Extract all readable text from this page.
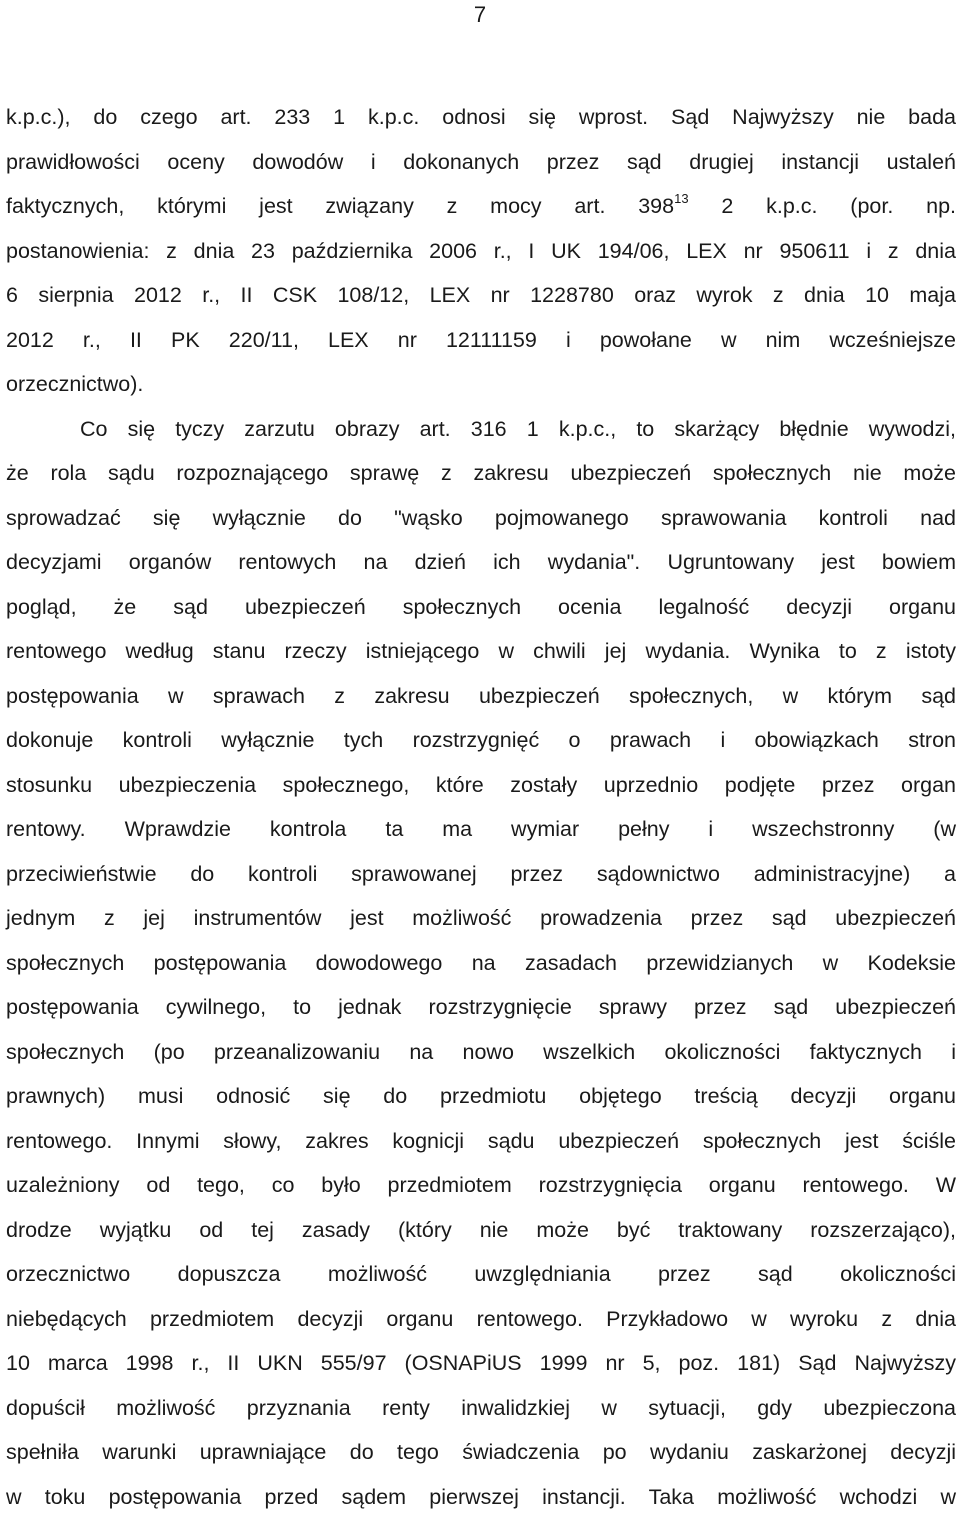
7
k.p.c.), do czego art. 233 1 k.p.c. odnosi się wprost. Sąd Najwyższy nie bada
prawidłowości oceny dowodów i dokonanych przez sąd drugiej instancji ustaleń
faktycznych, którymi jest związany z mocy art. $398^{13}$ 2 k.p.c. (por. np.
postanowienia: z dnia 23 października 2006 r., I UK 194/06, LEX nr 950611 i z dnia
6 sierpnia 2012 r., II CSK 108/12, LEX nr 1228780 oraz wyrok z dnia 10 maja
2012 r., II PK 220/11, LEX nr 12111159 i powołane w nim wcześniejsze
orzecznictwo).
Co się tyczy zarzutu obrazy art. 316 1 k.p.c., to skarżący błędnie wywodzi,
że rola sądu rozpoznającego sprawę z zakresu ubezpieczeń społecznych nie może
sprowadzać się wyłącznie do "wąsko pojmowanego sprawowania kontroli nad
decyzjami organów rentowych na dzień ich wydania". Ugruntowany jest bowiem
pogląd, że sąd ubezpieczeń społecznych ocenia legalność decyzji organu
rentowego według stanu rzeczy istniejącego w chwili jej wydania. Wynika to z istoty
postępowania w sprawach z zakresu ubezpieczeń społecznych, w którym sąd
dokonuje kontroli wyłącznie tych rozstrzygnięć o prawach i obowiązkach stron
stosunku ubezpieczenia społecznego, które zostały uprzednio podjęte przez organ
rentowy. Wprawdzie kontrola ta ma wymiar pełny i wszechstronny (w
przeciwieństwie do kontroli sprawowanej przez sądownictwo administracyjne) a
jednym z jej instrumentów jest możliwość prowadzenia przez sąd ubezpieczeń
społecznych postępowania dowodowego na zasadach przewidzianych w Kodeksie
postępowania cywilnego, to jednak rozstrzygnięcie sprawy przez sąd ubezpieczeń
społecznych (po przeanalizowaniu na nowo wszelkich okoliczności faktycznych i
prawnych) musi odnosić się do przedmiotu objętego treścią decyzji organu
rentowego. Innymi słowy, zakres kognicji sądu ubezpieczeń społecznych jest ściśle
uzależniony od tego, co było przedmiotem rozstrzygnięcia organu rentowego. W
drodze wyjątku od tej zasady (który nie może być traktowany rozszerzająco),
orzecznictwo dopuszcza możliwość uwzględniania przez sąd okoliczności
niebędących przedmiotem decyzji organu rentowego. Przykładowo w wyroku z dnia
10 marca 1998 r., II UKN 555/97 (OSNAPiUS 1999 nr 5, poz. 181) Sąd Najwyższy
dopuścił możliwość przyznania renty inwalidzkiej w sytuacji, gdy ubezpieczona
spełniła warunki uprawniające do tego świadczenia po wydaniu zaskarżonej decyzji
w toku postępowania przed sądem pierwszej instancji. Taka możliwość wchodzi w
